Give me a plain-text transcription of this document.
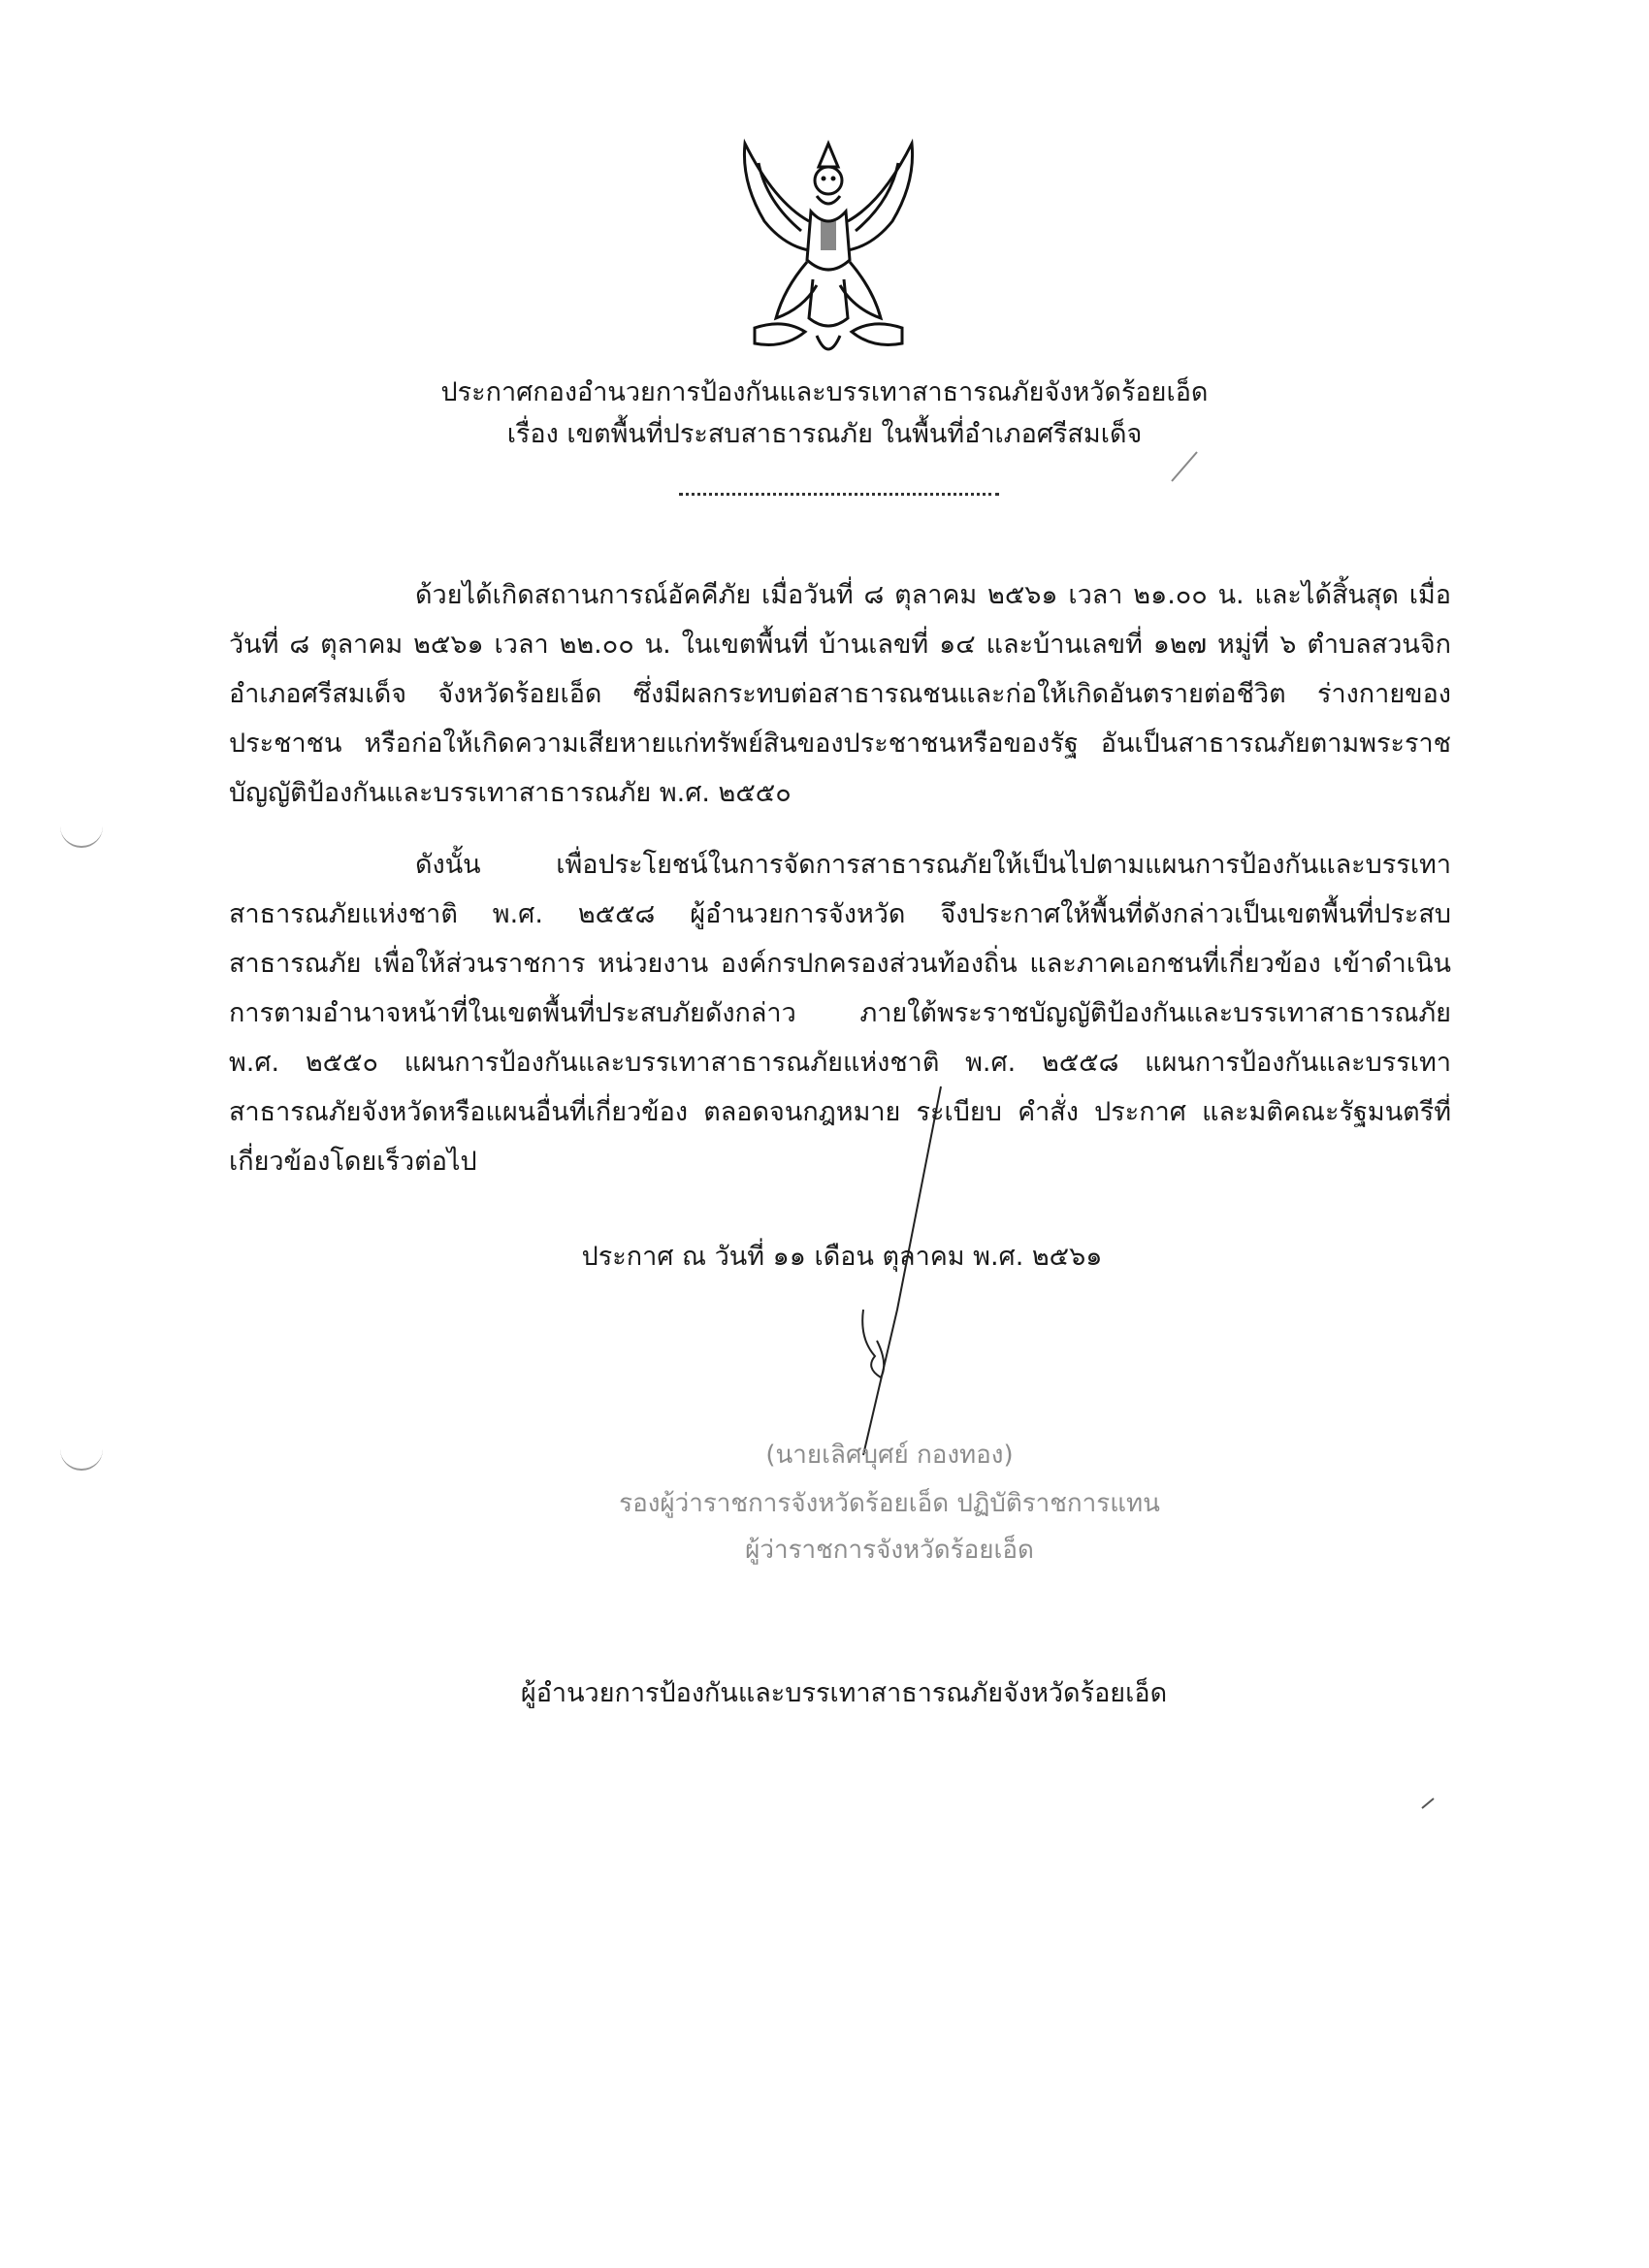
ประกาศกองอำนวยการป้องกันและบรรเทาสาธารณภัยจังหวัดร้อยเอ็ด
เรื่อง เขตพื้นที่ประสบสาธารณภัย ในพื้นที่อำเภอศรีสมเด็จ
ด้วยได้เกิดสถานการณ์อัคคีภัย เมื่อวันที่ ๘ ตุลาคม ๒๕๖๑ เวลา ๒๑.๐๐ น. และได้สิ้นสุด เมื่อวันที่ ๘ ตุลาคม ๒๕๖๑ เวลา ๒๒.๐๐ น. ในเขตพื้นที่ บ้านเลขที่ ๑๔ และบ้านเลขที่ ๑๒๗ หมู่ที่ ๖ ตำบลสวนจิก อำเภอศรีสมเด็จ จังหวัดร้อยเอ็ด ซึ่งมีผลกระทบต่อสาธารณชนและก่อให้เกิดอันตรายต่อชีวิต ร่างกายของประชาชน หรือก่อให้เกิดความเสียหายแก่ทรัพย์สินของประชาชนหรือของรัฐ อันเป็นสาธารณภัยตามพระราชบัญญัติป้องกันและบรรเทาสาธารณภัย พ.ศ. ๒๕๕๐
ดังนั้น เพื่อประโยชน์ในการจัดการสาธารณภัยให้เป็นไปตามแผนการป้องกันและบรรเทาสาธารณภัยแห่งชาติ พ.ศ. ๒๕๕๘ ผู้อำนวยการจังหวัด จึงประกาศให้พื้นที่ดังกล่าวเป็นเขตพื้นที่ประสบสาธารณภัย เพื่อให้ส่วนราชการ หน่วยงาน องค์กรปกครองส่วนท้องถิ่น และภาคเอกชนที่เกี่ยวข้อง เข้าดำเนินการตามอำนาจหน้าที่ในเขตพื้นที่ประสบภัยดังกล่าว ภายใต้พระราชบัญญัติป้องกันและบรรเทาสาธารณภัย พ.ศ. ๒๕๕๐ แผนการป้องกันและบรรเทาสาธารณภัยแห่งชาติ พ.ศ. ๒๕๕๘ แผนการป้องกันและบรรเทาสาธารณภัยจังหวัดหรือแผนอื่นที่เกี่ยวข้อง ตลอดจนกฎหมาย ระเบียบ คำสั่ง ประกาศ และมติคณะรัฐมนตรีที่เกี่ยวข้องโดยเร็วต่อไป
ประกาศ ณ วันที่ ๑๑ เดือน ตุลาคม พ.ศ. ๒๕๖๑
(นายเลิศบุศย์ กองทอง)
รองผู้ว่าราชการจังหวัดร้อยเอ็ด ปฏิบัติราชการแทน
ผู้ว่าราชการจังหวัดร้อยเอ็ด
ผู้อำนวยการป้องกันและบรรเทาสาธารณภัยจังหวัดร้อยเอ็ด
